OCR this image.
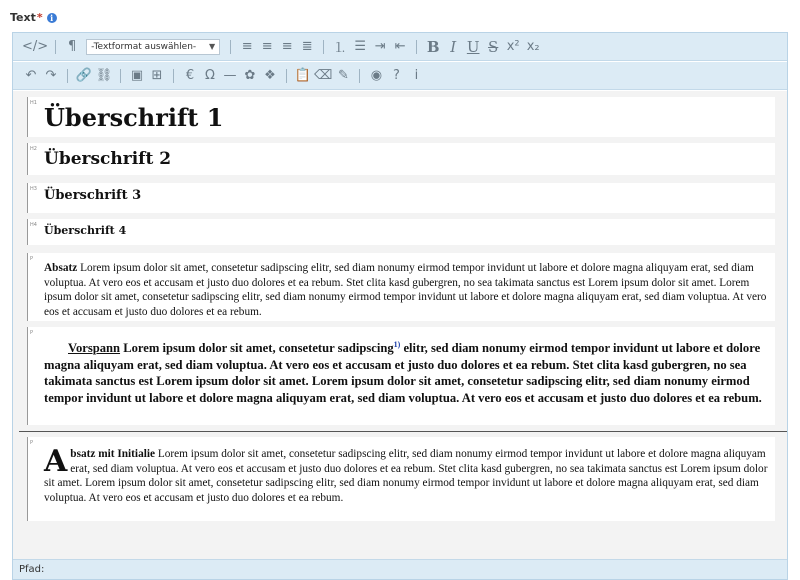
Text * i
</>	¶	-Textformat auswählen- ▼ ≡ ≡ ≡ ≣ ⒈ ☰ ⇥ ⇤ B I U S x² x₂
↶ ↷ 🔗 ⛓ ▣ ⊞	€ Ω — ✿ ❖ 📋 ⌫ ✎ ◉ ?	i
H1 Überschrift 1
H2 Überschrift 2
H3 Überschrift 3
H4 Überschrift 4
P
Absatz Lorem ipsum dolor sit amet, consetetur sadipscing elitr, sed diam nonumy eirmod tempor invidunt ut labore et dolore magna aliquyam erat, sed diam voluptua. At vero eos et accusam et justo duo dolores et ea rebum. Stet clita kasd gubergren, no sea takimata sanctus est Lorem ipsum dolor sit amet. Lorem ipsum dolor sit amet, consetetur sadipscing elitr, sed diam nonumy eirmod tempor invidunt ut labore et dolore magna aliquyam erat, sed diam voluptua. At vero eos et accusam et justo duo dolores et ea rebum.
P
Vorspann Lorem ipsum dolor sit amet, consetetur sadipscing$^{1)}$ elitr, sed diam nonumy eirmod tempor invidunt ut labore et dolore magna aliquyam erat, sed diam voluptua. At vero eos et accusam et justo duo dolores et ea rebum. Stet clita kasd gubergren, no sea takimata sanctus est Lorem ipsum dolor sit amet. Lorem ipsum dolor sit amet, consetetur sadipscing elitr, sed diam nonumy eirmod tempor invidunt ut labore et dolore magna aliquyam erat, sed diam voluptua. At vero eos et accusam et justo duo dolores et ea rebum.
P
Absatz mit Initialie Lorem ipsum dolor sit amet, consetetur sadipscing elitr, sed diam nonumy eirmod tempor invidunt ut labore et dolore magna aliquyam erat, sed diam voluptua. At vero eos et accusam et justo duo dolores et ea rebum. Stet clita kasd gubergren, no sea takimata sanctus est Lorem ipsum dolor sit amet. Lorem ipsum dolor sit amet, consetetur sadipscing elitr, sed diam nonumy eirmod tempor invidunt ut labore et dolore magna aliquyam erat, sed diam voluptua. At vero eos et accusam et justo duo dolores et ea rebum.
Pfad:
